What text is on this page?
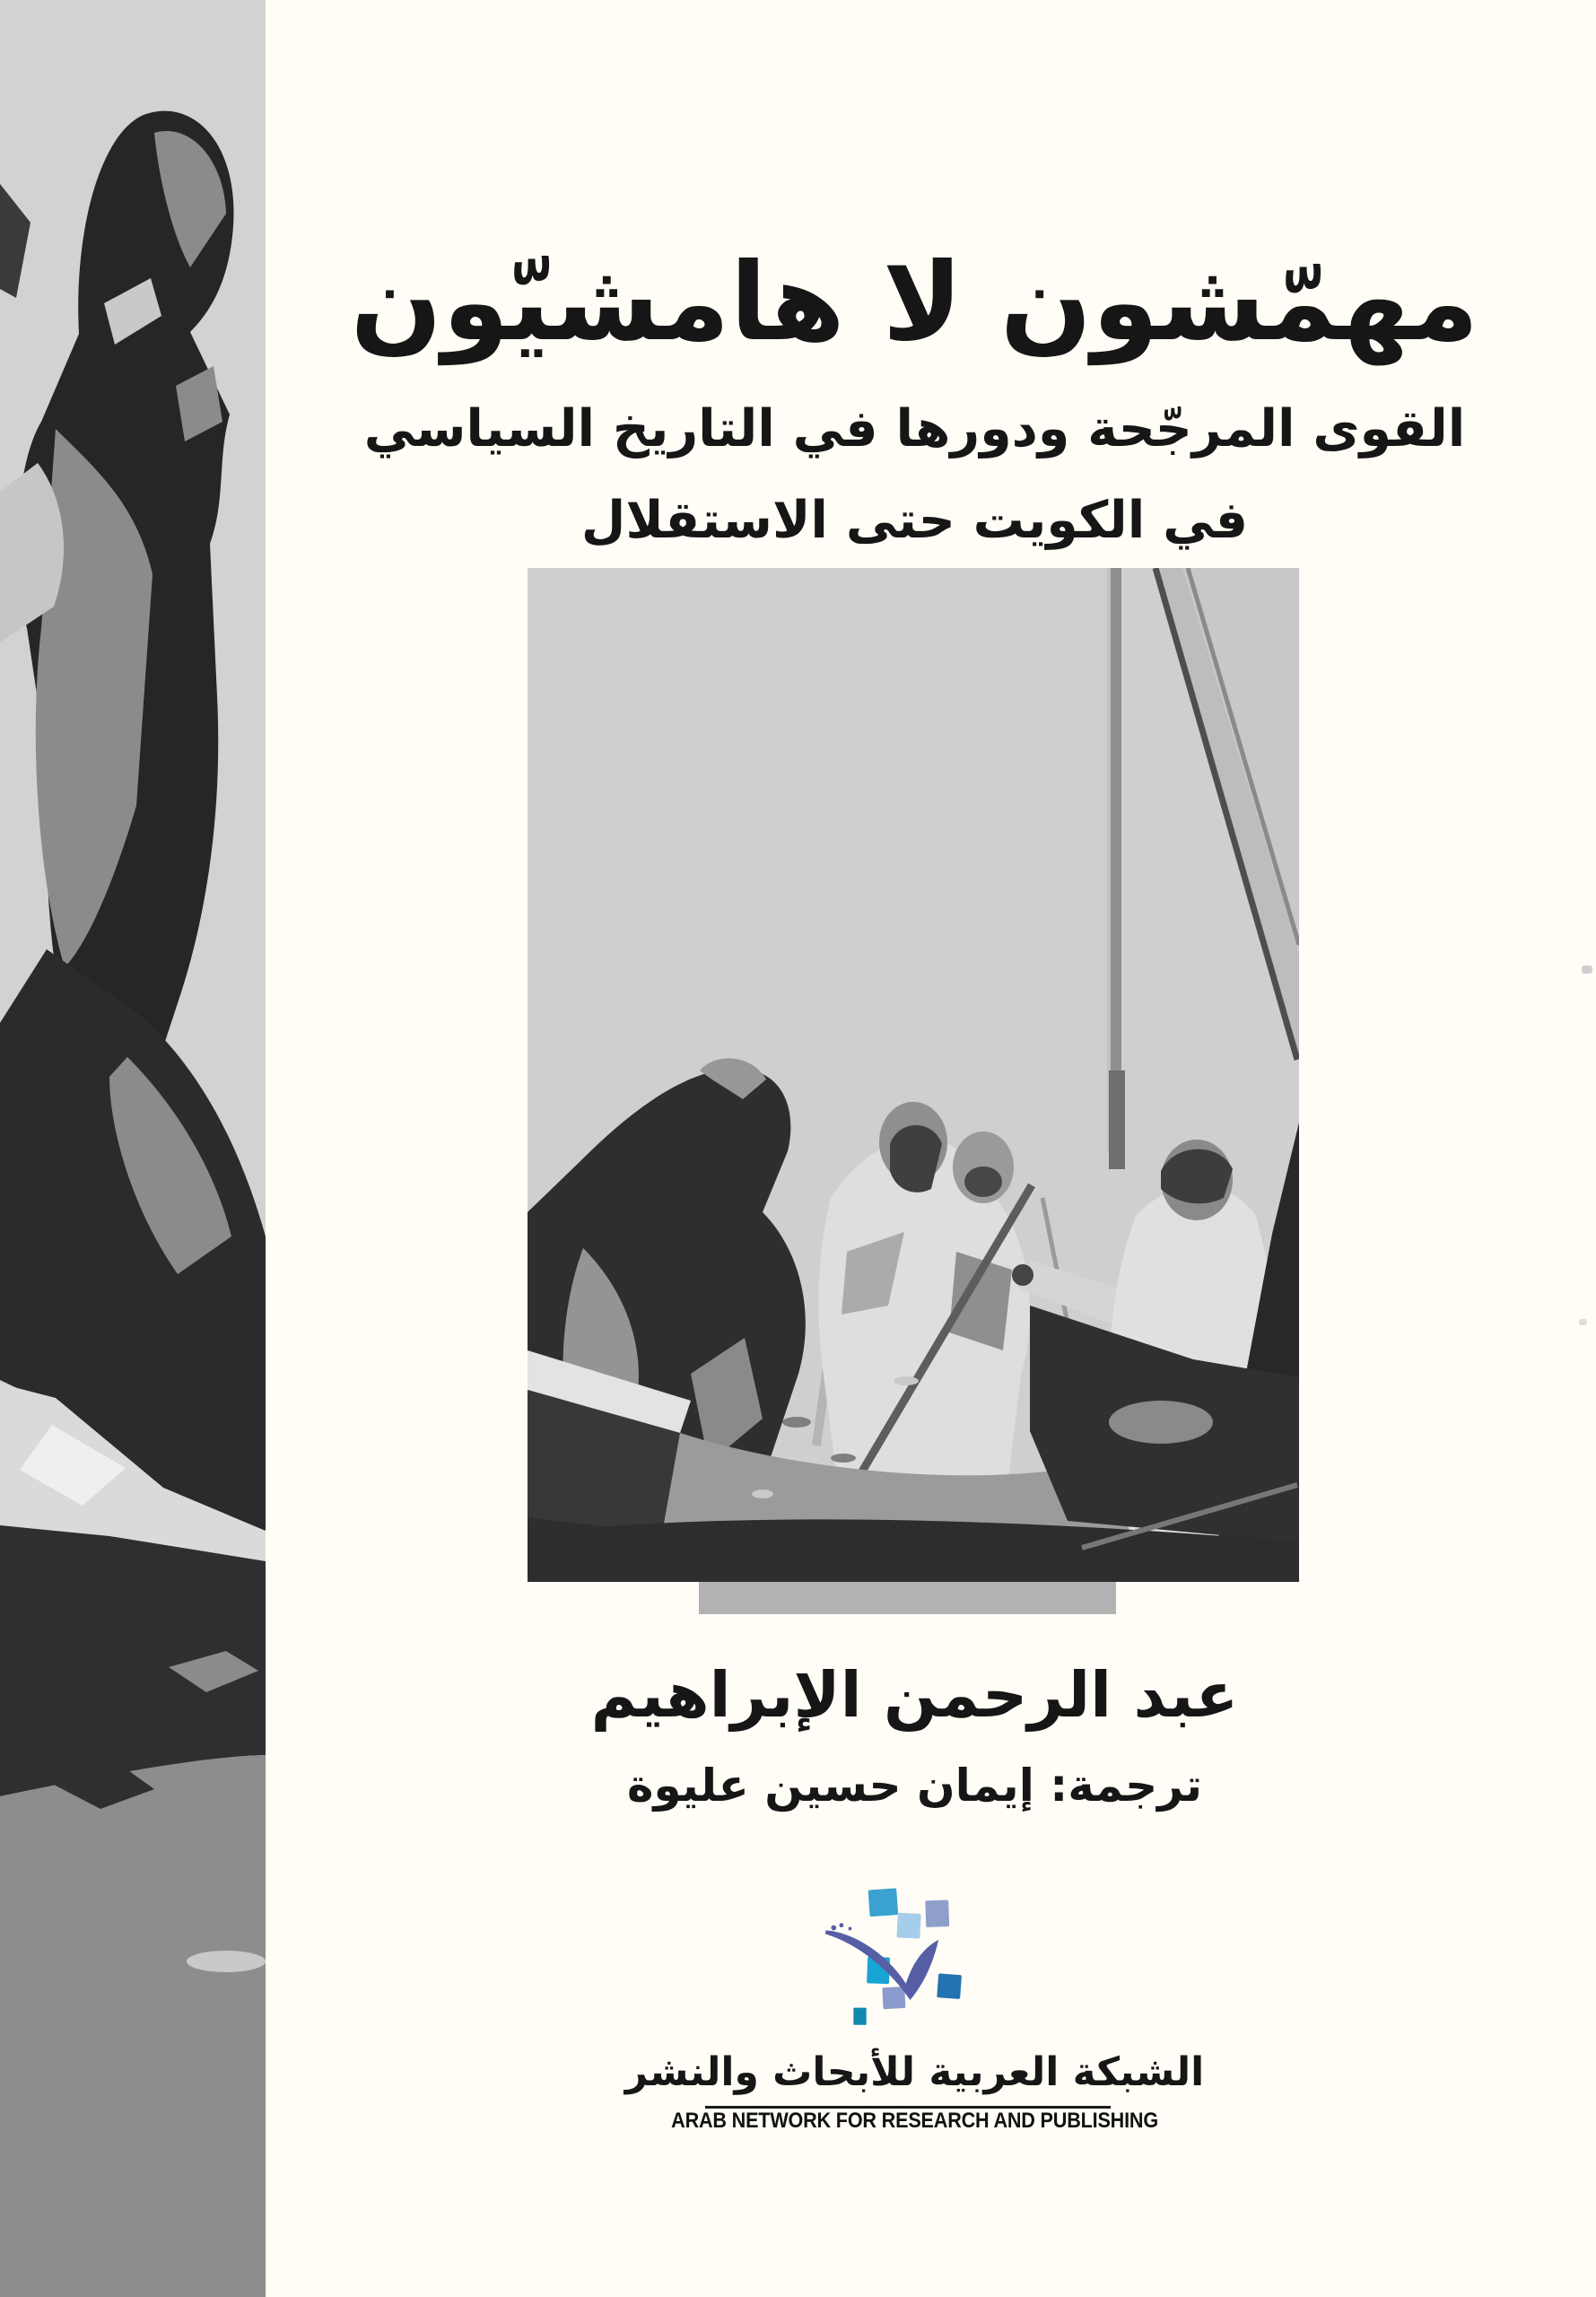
مهمّشون لا هامشيّون
القوى المرجّحة ودورها في التاريخ السياسي
في الكويت حتى الاستقلال
عبد الرحمن الإبراهيم
ترجمة: إيمان حسين عليوة
الشبكة العربية للأبحاث والنشر
ARAB NETWORK FOR RESEARCH AND PUBLISHING
